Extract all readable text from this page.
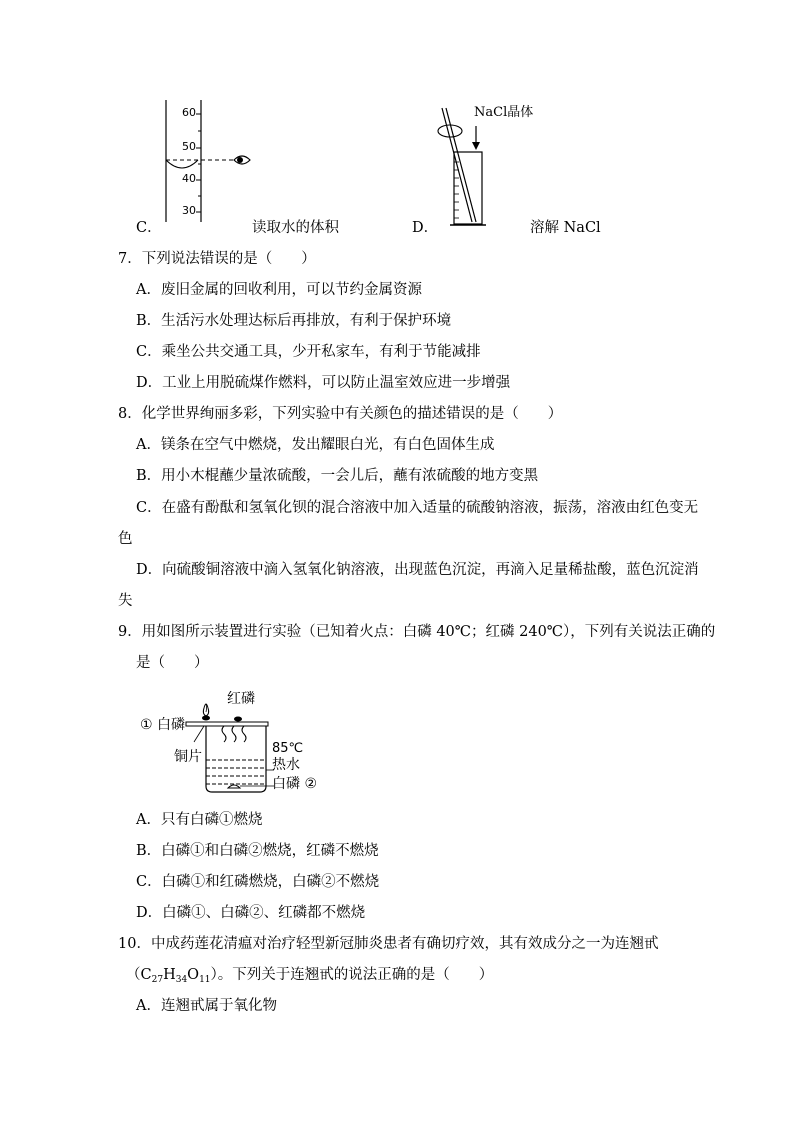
60
50
40
30
C．	读取水的体积
NaCl晶体
D．	溶解 NaCl
7．下列说法错误的是（　　）
A．废旧金属的回收利用，可以节约金属资源
B．生活污水处理达标后再排放，有利于保护环境
C．乘坐公共交通工具，少开私家车，有利于节能减排
D．工业上用脱硫煤作燃料，可以防止温室效应进一步增强
8．化学世界绚丽多彩，下列实验中有关颜色的描述错误的是（　　）
A．镁条在空气中燃烧，发出耀眼白光，有白色固体生成
B．用小木棍蘸少量浓硫酸，一会儿后，蘸有浓硫酸的地方变黑
C．在盛有酚酞和氢氧化钡的混合溶液中加入适量的硫酸钠溶液，振荡，溶液由红色变无
色
D．向硫酸铜溶液中滴入氢氧化钠溶液，出现蓝色沉淀，再滴入足量稀盐酸，蓝色沉淀消
失
9．用如图所示装置进行实验（已知着火点：白磷 40℃；红磷 240℃），下列有关说法正确的
是（　　）
红磷
① 白磷
铜片
85℃
热水
白磷 ②
A．只有白磷①燃烧
B．白磷①和白磷②燃烧，红磷不燃烧
C．白磷①和红磷燃烧，白磷②不燃烧
D．白磷①、白磷②、红磷都不燃烧
10．中成药莲花清瘟对治疗轻型新冠肺炎患者有确切疗效，其有效成分之一为连翘甙
$(C_{27}H_{34}O_{11})$。下列关于连翘甙的说法正确的是（　　）
A．连翘甙属于氧化物
